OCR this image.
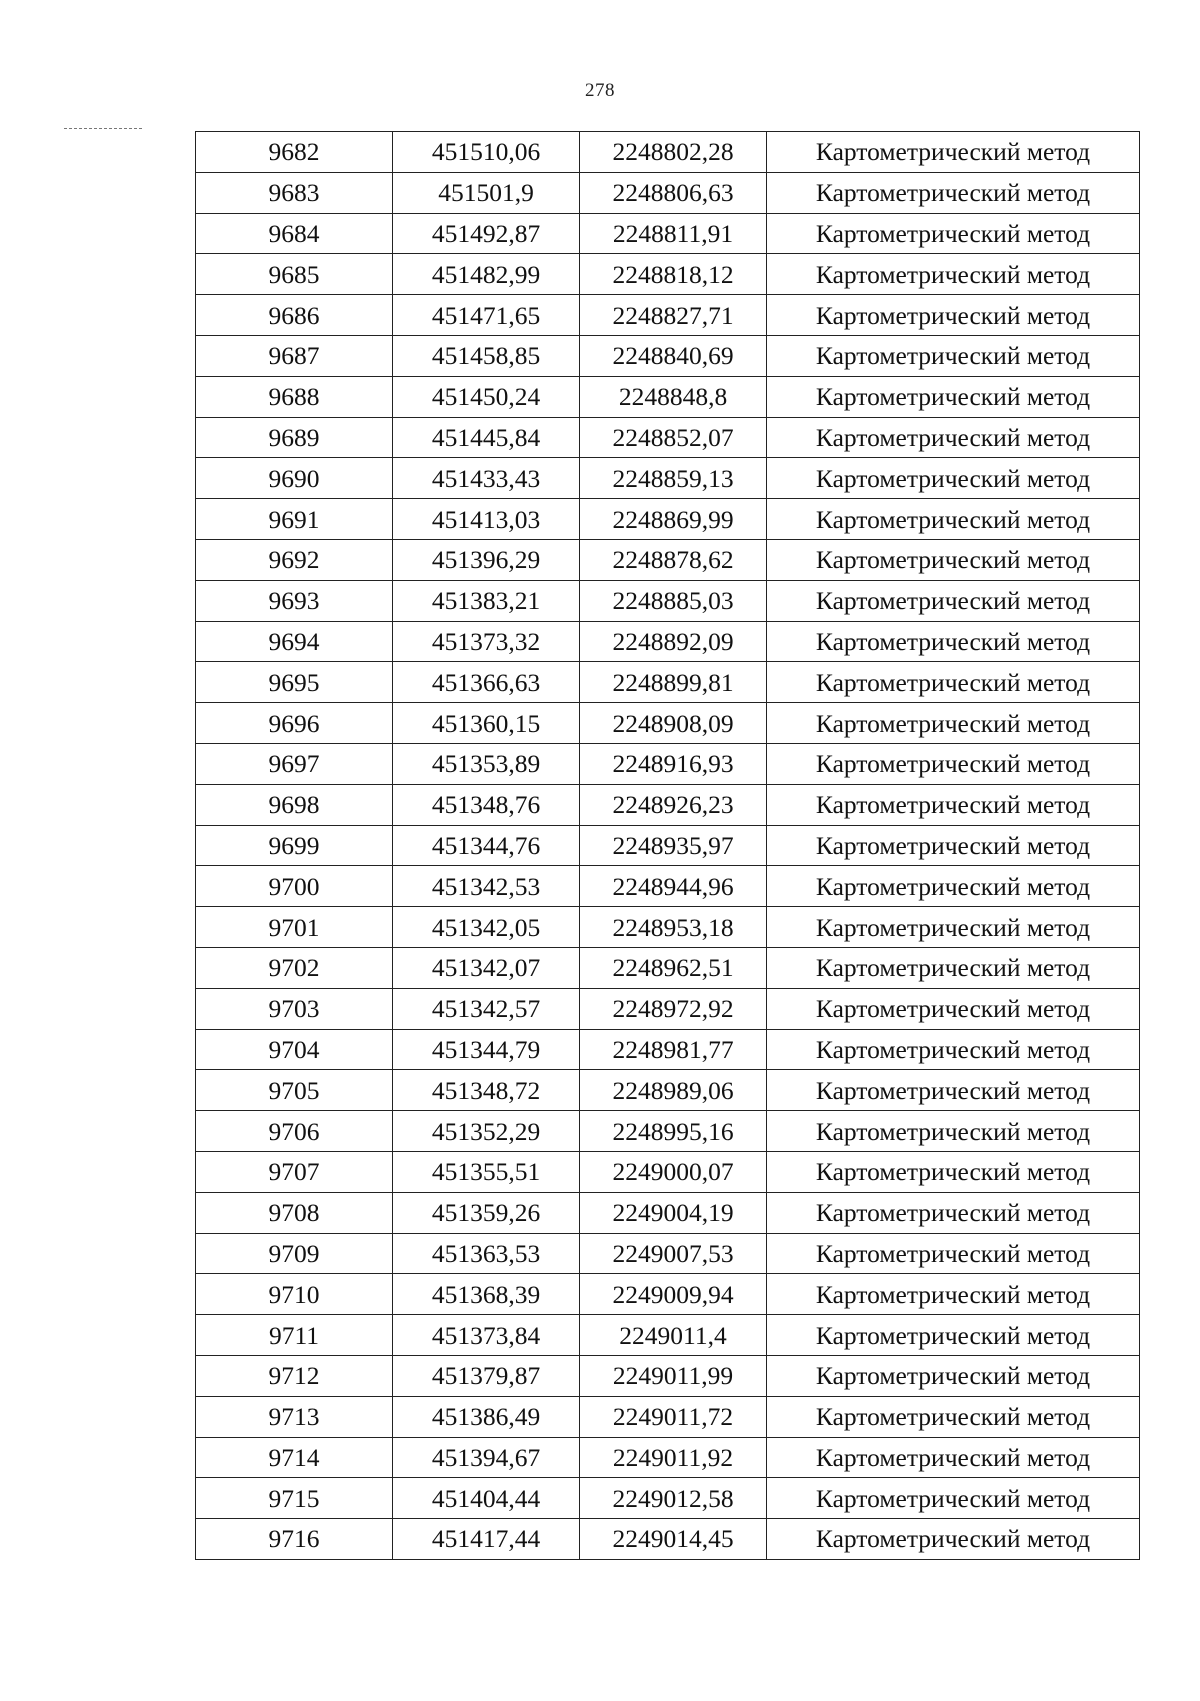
278
9682	451510,06	2248802,28	Картометрический метод
9683	451501,9	2248806,63	Картометрический метод
9684	451492,87	2248811,91	Картометрический метод
9685	451482,99	2248818,12	Картометрический метод
9686	451471,65	2248827,71	Картометрический метод
9687	451458,85	2248840,69	Картометрический метод
9688	451450,24	2248848,8	Картометрический метод
9689	451445,84	2248852,07	Картометрический метод
9690	451433,43	2248859,13	Картометрический метод
9691	451413,03	2248869,99	Картометрический метод
9692	451396,29	2248878,62	Картометрический метод
9693	451383,21	2248885,03	Картометрический метод
9694	451373,32	2248892,09	Картометрический метод
9695	451366,63	2248899,81	Картометрический метод
9696	451360,15	2248908,09	Картометрический метод
9697	451353,89	2248916,93	Картометрический метод
9698	451348,76	2248926,23	Картометрический метод
9699	451344,76	2248935,97	Картометрический метод
9700	451342,53	2248944,96	Картометрический метод
9701	451342,05	2248953,18	Картометрический метод
9702	451342,07	2248962,51	Картометрический метод
9703	451342,57	2248972,92	Картометрический метод
9704	451344,79	2248981,77	Картометрический метод
9705	451348,72	2248989,06	Картометрический метод
9706	451352,29	2248995,16	Картометрический метод
9707	451355,51	2249000,07	Картометрический метод
9708	451359,26	2249004,19	Картометрический метод
9709	451363,53	2249007,53	Картометрический метод
9710	451368,39	2249009,94	Картометрический метод
9711	451373,84	2249011,4	Картометрический метод
9712	451379,87	2249011,99	Картометрический метод
9713	451386,49	2249011,72	Картометрический метод
9714	451394,67	2249011,92	Картометрический метод
9715	451404,44	2249012,58	Картометрический метод
9716	451417,44	2249014,45	Картометрический метод
